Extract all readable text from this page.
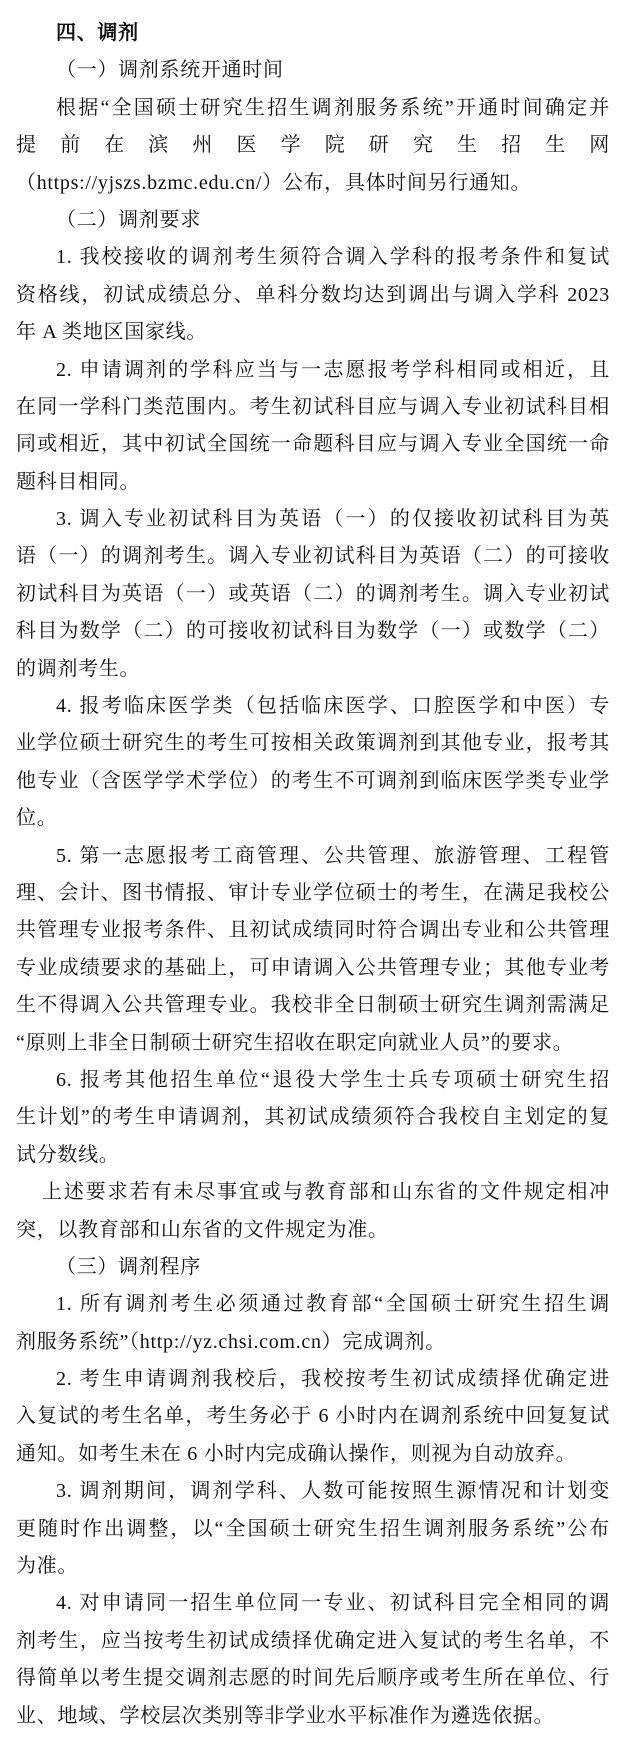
四、调剂
（一）调剂系统开通时间
根据“全国硕士研究生招生调剂服务系统”开通时间确定并
提前在滨州医学院研究生招生网
（https://yjszs.bzmc.edu.cn/）公布，具体时间另行通知。
（二）调剂要求
1. 我校接收的调剂考生须符合调入学科的报考条件和复试
资格线，初试成绩总分、单科分数均达到调出与调入学科 2023
年 A 类地区国家线。
2. 申请调剂的学科应当与一志愿报考学科相同或相近，且
在同一学科门类范围内。考生初试科目应与调入专业初试科目相
同或相近，其中初试全国统一命题科目应与调入专业全国统一命
题科目相同。
3. 调入专业初试科目为英语（一）的仅接收初试科目为英
语（一）的调剂考生。调入专业初试科目为英语（二）的可接收
初试科目为英语（一）或英语（二）的调剂考生。调入专业初试
科目为数学（二）的可接收初试科目为数学（一）或数学（二）
的调剂考生。
4. 报考临床医学类（包括临床医学、口腔医学和中医）专
业学位硕士研究生的考生可按相关政策调剂到其他专业，报考其
他专业（含医学学术学位）的考生不可调剂到临床医学类专业学
位。
5. 第一志愿报考工商管理、公共管理、旅游管理、工程管
理、会计、图书情报、审计专业学位硕士的考生，在满足我校公
共管理专业报考条件、且初试成绩同时符合调出专业和公共管理
专业成绩要求的基础上，可申请调入公共管理专业；其他专业考
生不得调入公共管理专业。我校非全日制硕士研究生调剂需满足
“原则上非全日制硕士研究生招收在职定向就业人员”的要求。
6. 报考其他招生单位“退役大学生士兵专项硕士研究生招
生计划”的考生申请调剂，其初试成绩须符合我校自主划定的复
试分数线。
上述要求若有未尽事宜或与教育部和山东省的文件规定相冲
突，以教育部和山东省的文件规定为准。
（三）调剂程序
1. 所有调剂考生必须通过教育部“全国硕士研究生招生调
剂服务系统”（http://yz.chsi.com.cn）完成调剂。
2. 考生申请调剂我校后，我校按考生初试成绩择优确定进
入复试的考生名单，考生务必于 6 小时内在调剂系统中回复复试
通知。如考生未在 6 小时内完成确认操作，则视为自动放弃。
3. 调剂期间，调剂学科、人数可能按照生源情况和计划变
更随时作出调整，以“全国硕士研究生招生调剂服务系统”公布
为准。
4. 对申请同一招生单位同一专业、初试科目完全相同的调
剂考生，应当按考生初试成绩择优确定进入复试的考生名单，不
得简单以考生提交调剂志愿的时间先后顺序或考生所在单位、行
业、地域、学校层次类别等非学业水平标准作为遴选依据。
